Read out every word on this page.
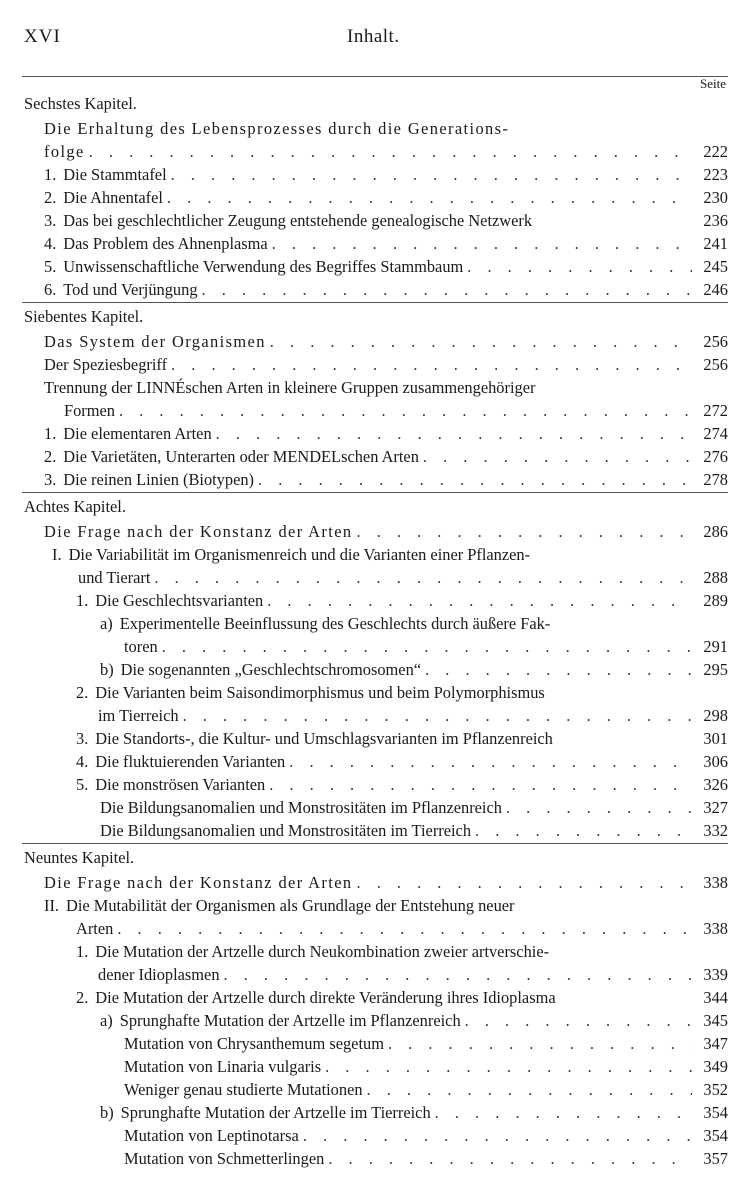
XVI	Inhalt.
Seite
Sechstes Kapitel.
Die Erhaltung des Lebensprozesses durch die Generations-
folge . . .	222
1. Die Stammtafel . . .	223
2. Die Ahnentafel . . .	230
3. Das bei geschlechtlicher Zeugung entstehende genealogische Netzwerk	236
4. Das Problem des Ahnenplasma . . .	241
5. Unwissenschaftliche Verwendung des Begriffes Stammbaum . . .	245
6. Tod und Verjüngung . . .	246
Siebentes Kapitel.
Das System der Organismen . . .	256
Der Speziesbegriff . . .	256
Trennung der LINNÉschen Arten in kleinere Gruppen zusammengehöriger
Formen . . .	272
1. Die elementaren Arten . . .	274
2. Die Varietäten, Unterarten oder MENDELschen Arten . . .	276
3. Die reinen Linien (Biotypen) . . .	278
Achtes Kapitel.
Die Frage nach der Konstanz der Arten . . .	286
I. Die Variabilität im Organismenreich und die Varianten einer Pflanzen-
und Tierart . . .	288
1. Die Geschlechtsvarianten . . .	289
a) Experimentelle Beeinflussung des Geschlechts durch äußere Fak-
toren . . .	291
b) Die sogenannten „Geschlechtschromosomen“ . . .	295
2. Die Varianten beim Saisondimorphismus und beim Polymorphismus
im Tierreich . . .	298
3. Die Standorts-, die Kultur- und Umschlagsvarianten im Pflanzenreich	301
4. Die fluktuierenden Varianten . . .	306
5. Die monströsen Varianten . . .	326
Die Bildungsanomalien und Monstrositäten im Pflanzenreich . . .	327
Die Bildungsanomalien und Monstrositäten im Tierreich . . .	332
Neuntes Kapitel.
Die Frage nach der Konstanz der Arten . . .	338
II. Die Mutabilität der Organismen als Grundlage der Entstehung neuer
Arten . . .	338
1. Die Mutation der Artzelle durch Neukombination zweier artverschie-
dener Idioplasmen . . .	339
2. Die Mutation der Artzelle durch direkte Veränderung ihres Idioplasma	344
a) Sprunghafte Mutation der Artzelle im Pflanzenreich . . .	345
Mutation von Chrysanthemum segetum . . .	347
Mutation von Linaria vulgaris . . .	349
Weniger genau studierte Mutationen . . .	352
b) Sprunghafte Mutation der Artzelle im Tierreich . . .	354
Mutation von Leptinotarsa . . .	354
Mutation von Schmetterlingen . . .	357
